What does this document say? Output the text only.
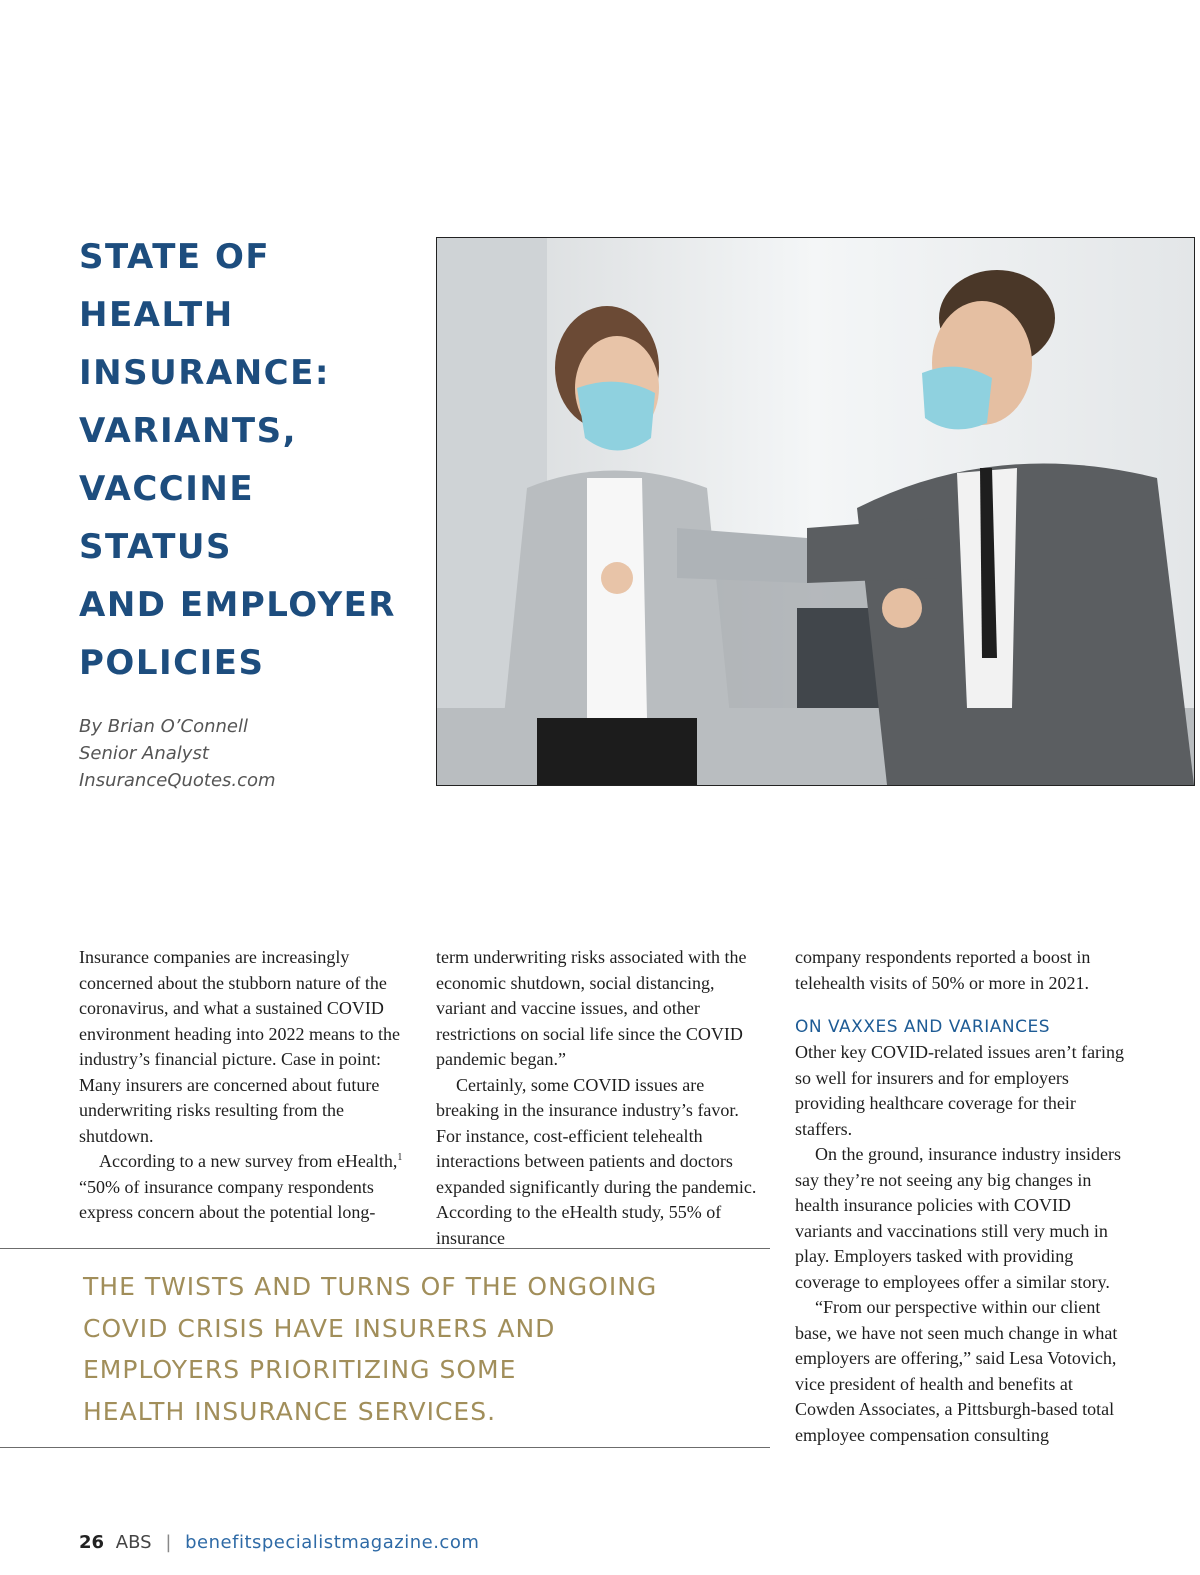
STATE OF
HEALTH
INSURANCE:
VARIANTS,
VACCINE STATUS
AND EMPLOYER
POLICIES
By Brian O’Connell
Senior Analyst
InsuranceQuotes.com

Insurance companies are increasingly concerned about the stubborn nature of the coronavirus, and what a sustained COVID environment heading into 2022 means to the industry’s financial picture. Case in point: Many insurers are concerned about future underwriting risks resulting from the shutdown.

According to a new survey from eHealth,$^1$ “50% of insurance company respondents express concern about the potential long-

term underwriting risks associated with the economic shutdown, social distancing, variant and vaccine issues, and other restrictions on social life since the COVID pandemic began.”

Certainly, some COVID issues are breaking in the insurance industry’s favor. For instance, cost-efficient telehealth interactions between patients and doctors expanded significantly during the pandemic. According to the eHealth study, 55% of insurance

company respondents reported a boost in telehealth visits of 50% or more in 2021.

ON VAXXES AND VARIANCES

Other key COVID-related issues aren’t faring so well for insurers and for employers providing healthcare coverage for their staffers.

On the ground, insurance industry insiders say they’re not seeing any big changes in health insurance policies with COVID variants and vaccinations still very much in play. Employers tasked with providing coverage to employees offer a similar story.

“From our perspective within our client base, we have not seen much change in what employers are offering,” said Lesa Votovich, vice president of health and benefits at Cowden Associates, a Pittsburgh-based total employee compensation consulting

THE TWISTS AND TURNS OF THE ONGOING
COVID CRISIS HAVE INSURERS AND
EMPLOYERS PRIORITIZING SOME
HEALTH INSURANCE SERVICES.
26 ABS | benefitspecialistmagazine.com
